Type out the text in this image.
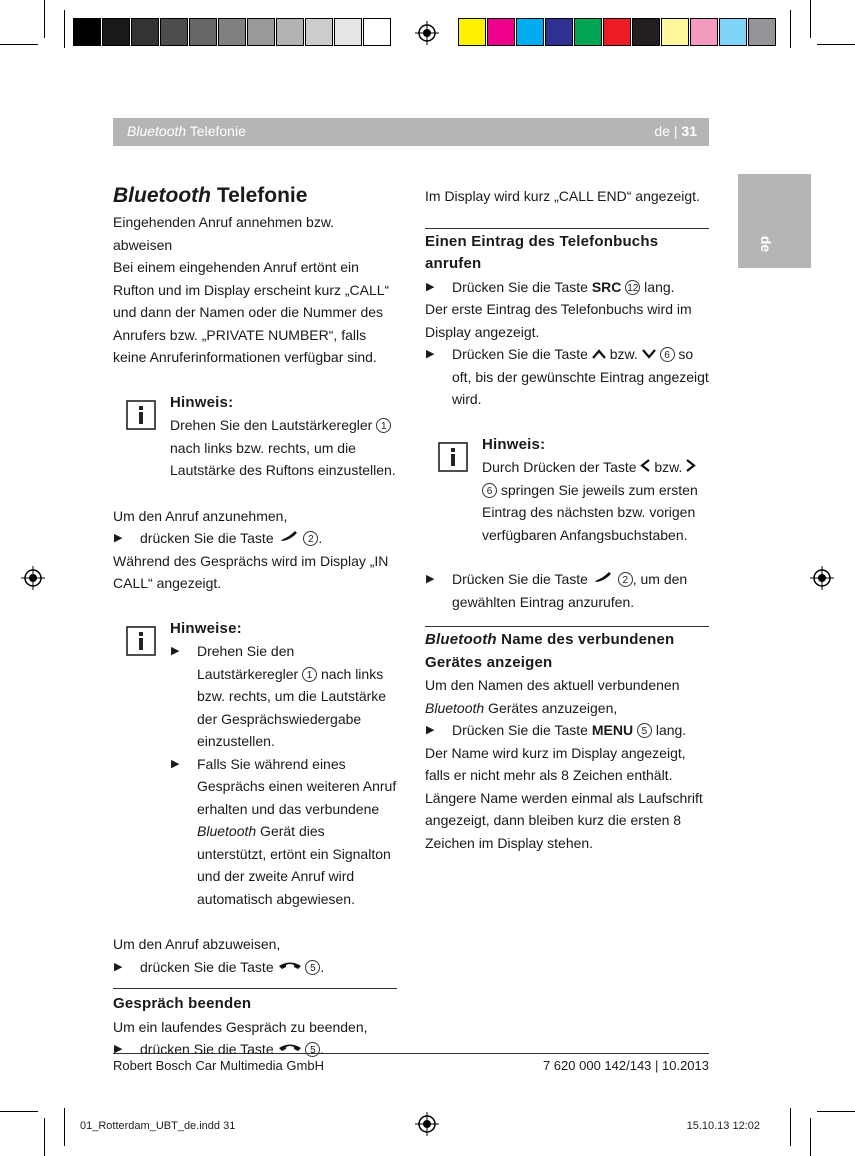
Bluetooth Telefonie	de | 31
de
Bluetooth Telefonie

Eingehenden Anruf annehmen bzw. abweisen

Bei einem eingehenden Anruf ertönt ein Rufton und im Display erscheint kurz „CALL“ und dann der Namen oder die Nummer des Anrufers bzw. „PRIVATE NUMBER“, falls keine Anruferinformationen verfügbar sind.

Hinweis:

Drehen Sie den Lautstärkeregler 1 nach links bzw. rechts, um die Lautstärke des Ruftons einzustellen.

Um den Anruf anzunehmen,

▶ drücken Sie die Taste	2 .

Während des Gesprächs wird im Display „IN CALL“ angezeigt.

Hinweise:

▶ Drehen Sie den Lautstärkeregler 1 nach links bzw. rechts, um die Lautstärke der Gesprächswiedergabe einzustellen.

▶ Falls Sie während eines Gesprächs einen weiteren Anruf erhalten und das verbundene Bluetooth Gerät dies unterstützt, ertönt ein Signalton und der zweite Anruf wird automatisch abgewiesen.

Um den Anruf abzuweisen,

▶ drücken Sie die Taste	5 .

Gespräch beenden

Um ein laufendes Gespräch zu beenden,

▶ drücken Sie die Taste	5 .

Im Display wird kurz „CALL END“ angezeigt.

Einen Eintrag des Telefonbuchs anrufen

▶ Drücken Sie die Taste SRC 12 lang.

Der erste Eintrag des Telefonbuchs wird im Display angezeigt.

▶ Drücken Sie die Taste  bzw.  6 so oft, bis der gewünschte Eintrag angezeigt wird.

Hinweis:

Durch Drücken der Taste  bzw.  6 springen Sie jeweils zum ersten Eintrag des nächsten bzw. vorigen verfügbaren Anfangsbuchstaben.

▶ Drücken Sie die Taste	2 , um den gewählten Eintrag anzurufen.

Bluetooth Name des verbundenen Gerätes anzeigen

Um den Namen des aktuell verbundenen Bluetooth Gerätes anzuzeigen,

▶ Drücken Sie die Taste MENU 5 lang.

Der Name wird kurz im Display angezeigt, falls er nicht mehr als 8 Zeichen enthält. Längere Name werden einmal als Laufschrift angezeigt, dann bleiben kurz die ersten 8 Zeichen im Display stehen.

Robert Bosch Car Multimedia GmbH	7 620 000 142/143 | 10.2013
01_Rotterdam_UBT_de.indd 31	15.10.13 12:02
